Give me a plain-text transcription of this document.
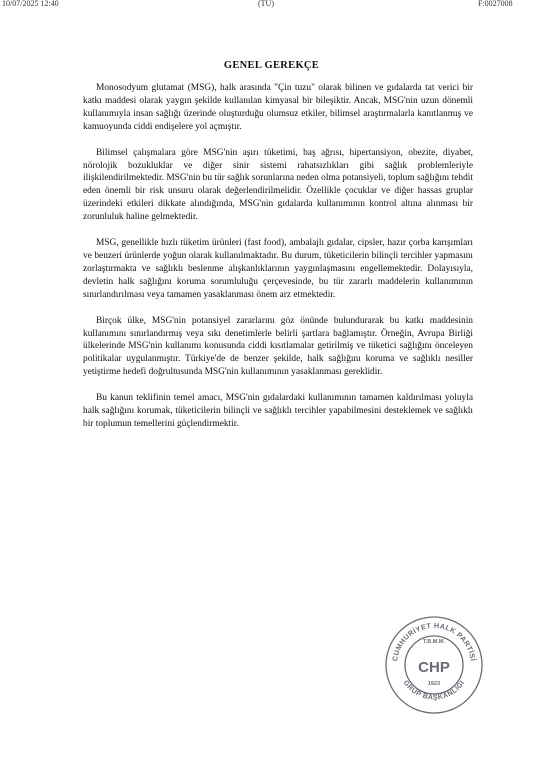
10/07/2025 12:40	(TÜ)	F:0027008
GENEL GEREKÇE

Monosodyum glutamat (MSG), halk arasında "Çin tuzu" olarak bilinen ve gıdalarda tat verici bir katkı maddesi olarak yaygın şekilde kullanılan kimyasal bir bileşiktir. Ancak, MSG'nin uzun dönemli kullanımıyla insan sağlığı üzerinde oluşturduğu olumsuz etkiler, bilimsel araştırmalarla kanıtlanmış ve kamuoyunda ciddi endişelere yol açmıştır.

Bilimsel çalışmalara göre MSG'nin aşırı tüketimi, baş ağrısı, hipertansiyon, obezite, diyabet, nörolojik bozukluklar ve diğer sinir sistemi rahatsızlıkları gibi sağlık problemleriyle ilişkilendirilmektedir. MSG'nin bu tür sağlık sorunlarına neden olma potansiyeli, toplum sağlığını tehdit eden önemli bir risk unsuru olarak değerlendirilmelidir. Özellikle çocuklar ve diğer hassas gruplar üzerindeki etkileri dikkate alındığında, MSG'nin gıdalarda kullanımının kontrol altına alınması bir zorunluluk haline gelmektedir.

MSG, genellikle hızlı tüketim ürünleri (fast food), ambalajlı gıdalar, cipsler, hazır çorba karışımları ve benzeri ürünlerde yoğun olarak kullanılmaktadır. Bu durum, tüketicilerin bilinçli tercihler yapmasını zorlaştırmakta ve sağlıklı beslenme alışkanlıklarının yaygınlaşmasını engellemektedir. Dolayısıyla, devletin halk sağlığını koruma sorumluluğu çerçevesinde, bu tür zararlı maddelerin kullanımının sınırlandırılması veya tamamen yasaklanması önem arz etmektedir.

Birçok ülke, MSG'nin potansiyel zararlarını göz önünde bulundurarak bu katkı maddesinin kullanımını sınırlandırmış veya sıkı denetimlerle belirli şartlara bağlamıştır. Örneğin, Avrupa Birliği ülkelerinde MSG'nin kullanımı konusunda ciddi kısıtlamalar getirilmiş ve tüketici sağlığını önceleyen politikalar uygulanmıştır. Türkiye'de de benzer şekilde, halk sağlığını koruma ve sağlıklı nesiller yetiştirme hedefi doğrultusunda MSG'nin kullanımının yasaklanması gereklidir.

Bu kanun teklifinin temel amacı, MSG'nin gıdalardaki kullanımının tamamen kaldırılması yoluyla halk sağlığını korumak, tüketicilerin bilinçli ve sağlıklı tercihler yapabilmesini desteklemek ve sağlıklı bir toplumun temellerini güçlendirmektir.

CUMHURİYET HALK PARTİSİ
GRUP BAŞKANLIĞI
T.B.M.M.
CHP
1923
